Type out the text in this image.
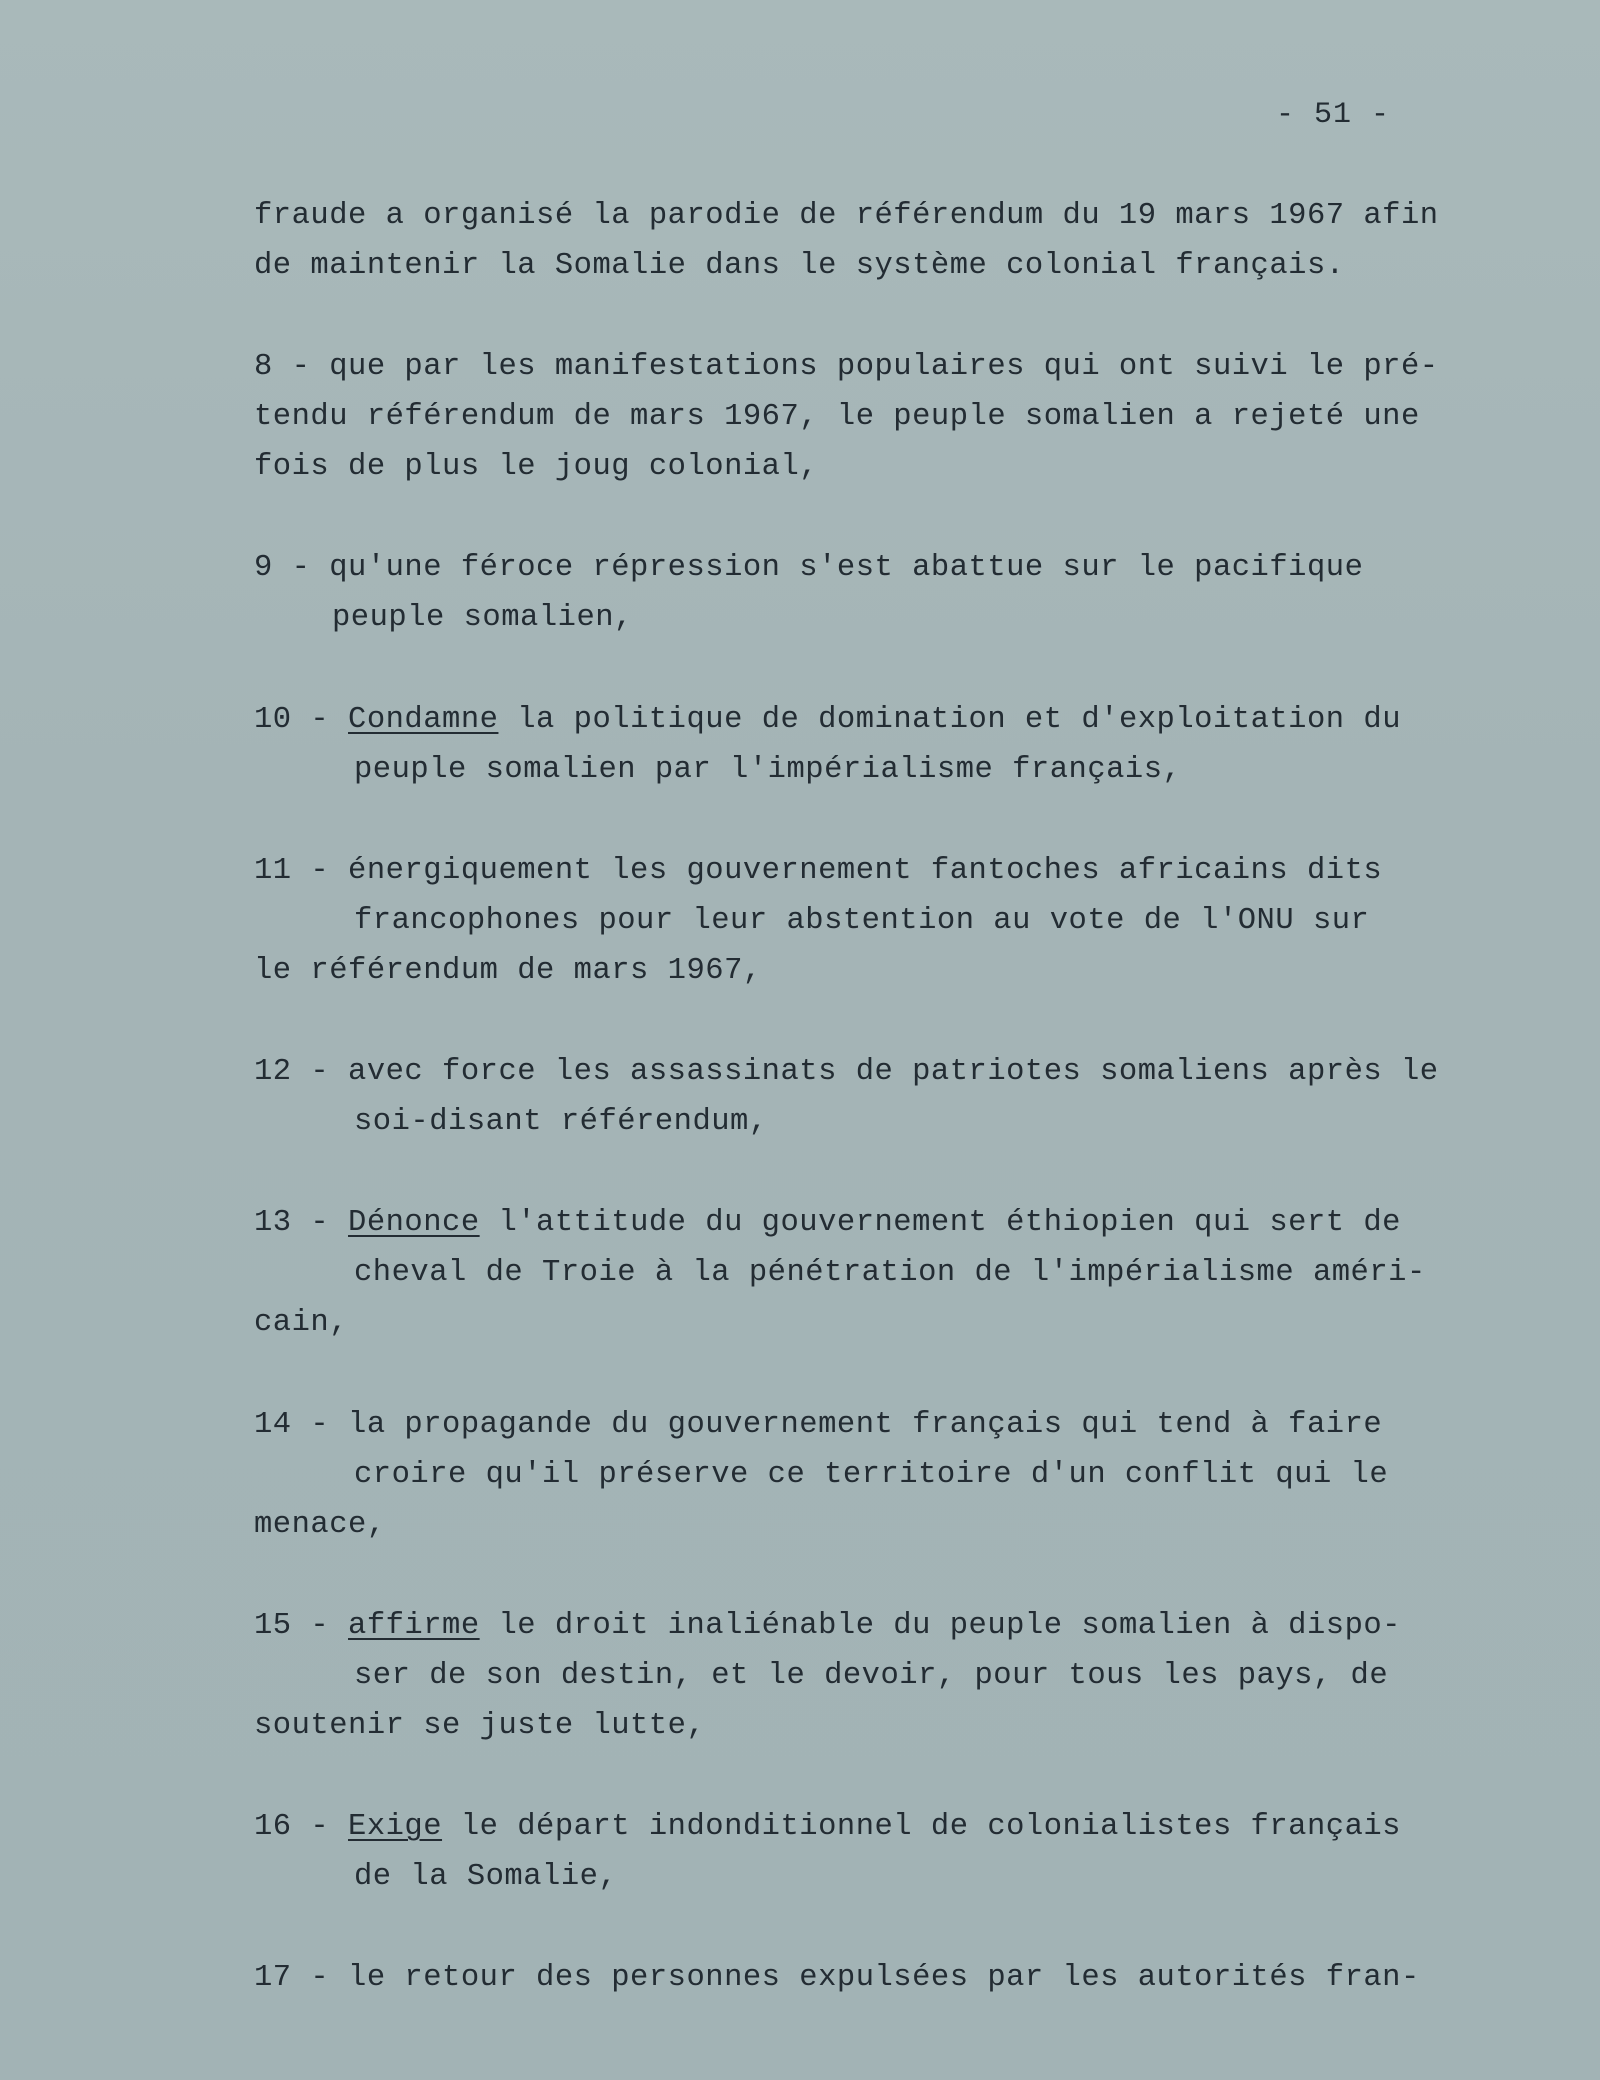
- 51 -
fraude a organisé la parodie de référendum du 19 mars 1967 afin
de maintenir la Somalie dans le système colonial français.
8 - que par les manifestations populaires qui ont suivi le pré-
tendu référendum de mars 1967, le peuple somalien a rejeté une
fois de plus le joug colonial,
9 - qu'une féroce répression s'est abattue sur le pacifique
peuple somalien,
10 - Condamne la politique de domination et d'exploitation du
peuple somalien par l'impérialisme français,
11 - énergiquement les gouvernement fantoches africains dits
francophones pour leur abstention au vote de l'ONU sur
le référendum de mars 1967,
12 - avec force les assassinats de patriotes somaliens après le
soi-disant référendum,
13 - Dénonce l'attitude du gouvernement éthiopien qui sert de
cheval de Troie à la pénétration de l'impérialisme améri-
cain,
14 - la propagande du gouvernement français qui tend à faire
croire qu'il préserve ce territoire d'un conflit qui le
menace,
15 - affirme le droit inaliénable du peuple somalien à dispo-
ser de son destin, et le devoir, pour tous les pays, de
soutenir se juste lutte,
16 - Exige le départ indonditionnel de colonialistes français
de la Somalie,
17 - le retour des personnes expulsées par les autorités fran-
